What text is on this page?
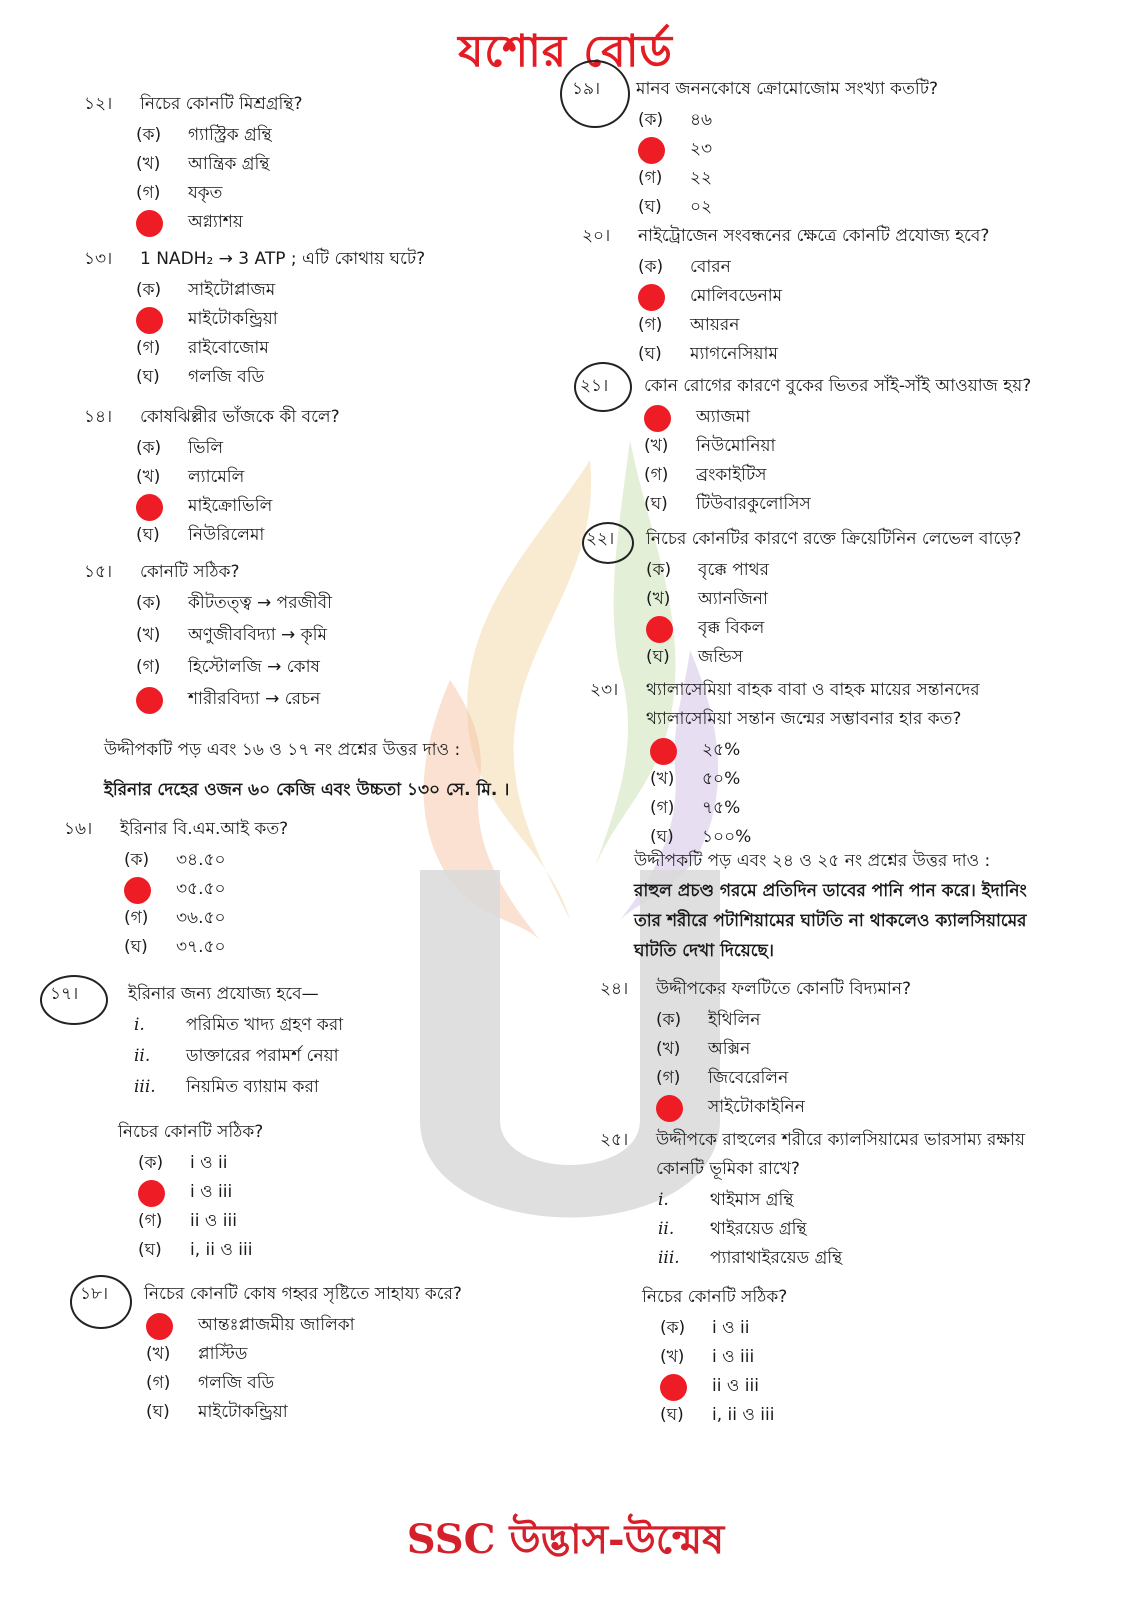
যশোর বোর্ড
১২। নিচের কোনটি মিশ্রগ্রন্থি?
(ক)	গ্যাস্ট্রিক গ্রন্থি
(খ)	আন্ত্রিক গ্রন্থি
(গ)	যকৃত
অগ্ন্যাশয়
১৩। 1 NADH₂ → 3 ATP ; এটি কোথায় ঘটে?
(ক)	সাইটোপ্লাজম
মাইটোকন্ড্রিয়া
(গ)	রাইবোজোম
(ঘ)	গলজি বডি
১৪। কোষঝিল্লীর ভাঁজকে কী বলে?
(ক)	ভিলি
(খ)	ল্যামেলি
মাইক্রোভিলি
(ঘ)	নিউরিলেমা
১৫। কোনটি সঠিক?
(ক)	কীটতত্ত্ব → পরজীবী
(খ)	অণুজীববিদ্যা → কৃমি
(গ)	হিস্টোলজি → কোষ
শারীরবিদ্যা → রেচন
উদ্দীপকটি পড় এবং ১৬ ও ১৭ নং প্রশ্নের উত্তর দাও :
ইরিনার দেহের ওজন ৬০ কেজি এবং উচ্চতা ১৩০ সে. মি. ।
১৬। ইরিনার বি.এম.আই কত?
(ক)	৩৪.৫০
৩৫.৫০
(গ)	৩৬.৫০
(ঘ)	৩৭.৫০
১৭।	ইরিনার জন্য প্রযোজ্য হবে—
i. পরিমিত খাদ্য গ্রহণ করা
ii. ডাক্তারের পরামর্শ নেয়া
iii. নিয়মিত ব্যায়াম করা
নিচের কোনটি সঠিক?
(ক)	i ও ii
i ও iii
(গ)	ii ও iii
(ঘ)	i, ii ও iii
১৮। নিচের কোনটি কোষ গহ্বর সৃষ্টিতে সাহায্য করে?
আন্তঃপ্লাজমীয় জালিকা
(খ)	প্লাস্টিড
(গ)	গলজি বডি
(ঘ)	মাইটোকন্ড্রিয়া
১৯। মানব জননকোষে ক্রোমোজোম সংখ্যা কতটি?
(ক)	৪৬
২৩
(গ)	২২
(ঘ)	০২
২০। নাইট্রোজেন সংবন্ধনের ক্ষেত্রে কোনটি প্রযোজ্য হবে?
(ক)	বোরন
মোলিবডেনাম
(গ)	আয়রন
(ঘ)	ম্যাগনেসিয়াম
২১। কোন রোগের কারণে বুকের ভিতর সাঁই-সাঁই আওয়াজ হয়?
অ্যাজমা
(খ)	নিউমোনিয়া
(গ)	ব্রংকাইটিস
(ঘ)	টিউবারকুলোসিস
২২। নিচের কোনটির কারণে রক্তে ক্রিয়েটিনিন লেভেল বাড়ে?
(ক)	বৃক্কে পাথর
(খ)	অ্যানজিনা
বৃক্ক বিকল
(ঘ)	জন্ডিস
২৩। থ্যালাসেমিয়া বাহক বাবা ও বাহক মায়ের সন্তানদের
থ্যালাসেমিয়া সন্তান জন্মের সম্ভাবনার হার কত?
২৫%
(খ)	৫০%
(গ)	৭৫%
(ঘ)	১০০%
উদ্দীপকটি পড় এবং ২৪ ও ২৫ নং প্রশ্নের উত্তর দাও :
রাহুল প্রচণ্ড গরমে প্রতিদিন ডাবের পানি পান করে। ইদানিং
তার শরীরে পটাশিয়ামের ঘাটতি না থাকলেও ক্যালসিয়ামের
ঘাটতি দেখা দিয়েছে।
২৪। উদ্দীপকের ফলটিতে কোনটি বিদ্যমান?
(ক)	ইথিলিন
(খ)	অক্সিন
(গ)	জিবেরেলিন
সাইটোকাইনিন
২৫। উদ্দীপকে রাহুলের শরীরে ক্যালসিয়ামের ভারসাম্য রক্ষায়
কোনটি ভূমিকা রাখে?
i. থাইমাস গ্রন্থি
ii. থাইরয়েড গ্রন্থি
iii. প্যারাথাইরয়েড গ্রন্থি
নিচের কোনটি সঠিক?
(ক)	i ও ii
(খ)	i ও iii
ii ও iii
(ঘ)	i, ii ও iii
SSC উদ্ভাস-উন্মেষ
